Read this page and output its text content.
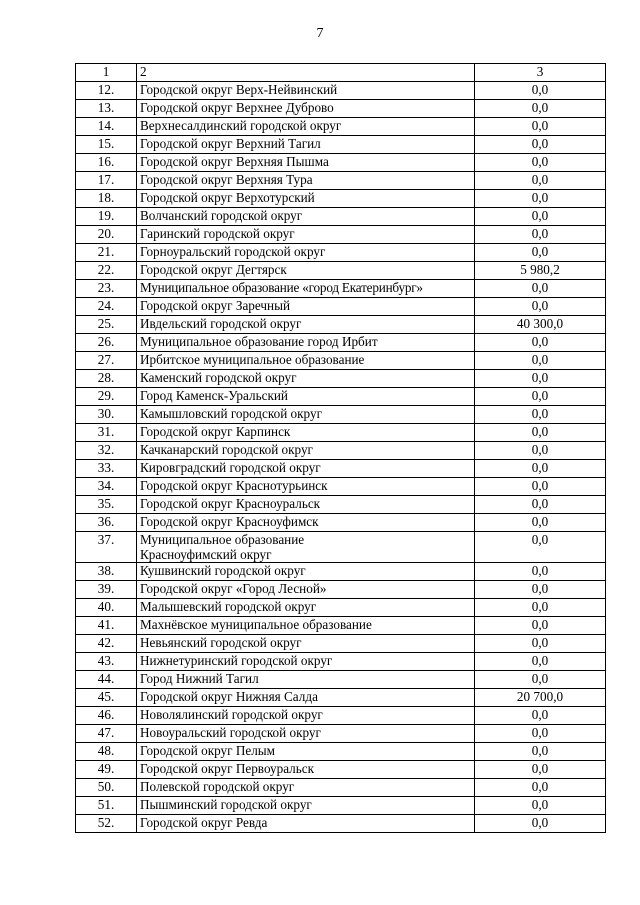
7
1	2	3
12.	Городской округ Верх-Нейвинский	0,0
13.	Городской округ Верхнее Дуброво	0,0
14.	Верхнесалдинский городской округ	0,0
15.	Городской округ Верхний Тагил	0,0
16.	Городской округ Верхняя Пышма	0,0
17.	Городской округ Верхняя Тура	0,0
18.	Городской округ Верхотурский	0,0
19.	Волчанский городской округ	0,0
20.	Гаринский городской округ	0,0
21.	Горноуральский городской округ	0,0
22.	Городской округ Дегтярск	5 980,2
23.	Муниципальное образование «город Екатеринбург»	0,0
24.	Городской округ Заречный	0,0
25.	Ивдельский городской округ	40 300,0
26.	Муниципальное образование город Ирбит	0,0
27.	Ирбитское муниципальное образование	0,0
28.	Каменский городской округ	0,0
29.	Город Каменск-Уральский	0,0
30.	Камышловский городской округ	0,0
31.	Городской округ Карпинск	0,0
32.	Качканарский городской округ	0,0
33.	Кировградский городской округ	0,0
34.	Городской округ Краснотурьинск	0,0
35.	Городской округ Красноуральск	0,0
36.	Городской округ Красноуфимск	0,0
37.	Муниципальное образование
Красноуфимский округ	0,0
38.	Кушвинский городской округ	0,0
39.	Городской округ «Город Лесной»	0,0
40.	Малышевский городской округ	0,0
41.	Махнёвское муниципальное образование	0,0
42.	Невьянский городской округ	0,0
43.	Нижнетуринский городской округ	0,0
44.	Город Нижний Тагил	0,0
45.	Городской округ Нижняя Салда	20 700,0
46.	Новолялинский городской округ	0,0
47.	Новоуральский городской округ	0,0
48.	Городской округ Пелым	0,0
49.	Городской округ Первоуральск	0,0
50.	Полевской городской округ	0,0
51.	Пышминский городской округ	0,0
52.	Городской округ Ревда	0,0
